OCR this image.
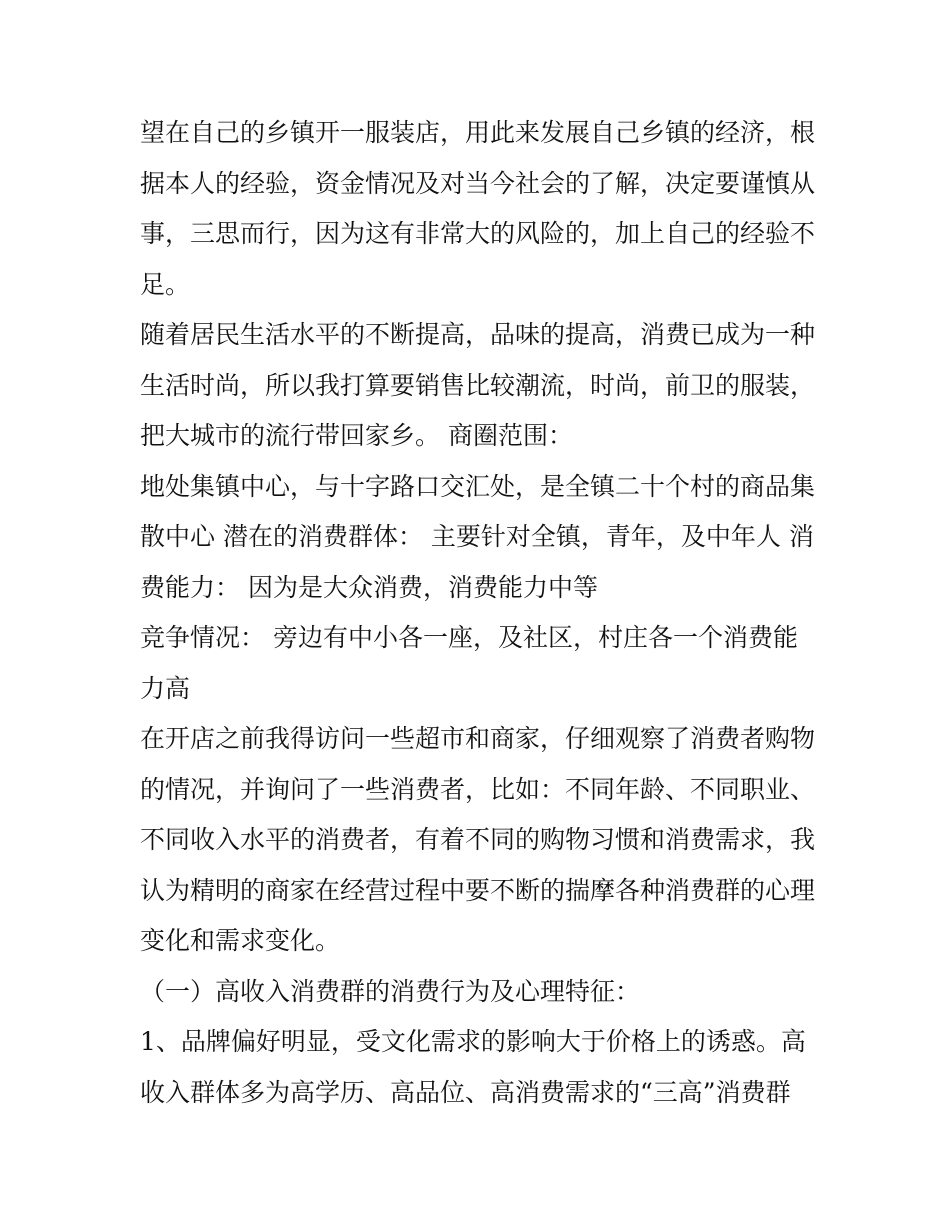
望在自己的乡镇开一服装店，用此来发展自己乡镇的经济，根
据本人的经验，资金情况及对当今社会的了解，决定要谨慎从
事，三思而行，因为这有非常大的风险的，加上自己的经验不
足。
随着居民生活水平的不断提高，品味的提高，消费已成为一种
生活时尚，所以我打算要销售比较潮流，时尚，前卫的服装，
把大城市的流行带回家乡。 商圈范围：
地处集镇中心，与十字路口交汇处，是全镇二十个村的商品集
散中心 潜在的消费群体： 主要针对全镇，青年，及中年人 消
费能力： 因为是大众消费，消费能力中等
竞争情况： 旁边有中小各一座，及社区，村庄各一个消费能
力高
在开店之前我得访问一些超市和商家，仔细观察了消费者购物
的情况，并询问了一些消费者，比如：不同年龄、不同职业、
不同收入水平的消费者，有着不同的购物习惯和消费需求，我
认为精明的商家在经营过程中要不断的揣摩各种消费群的心理
变化和需求变化。
（一）高收入消费群的消费行为及心理特征：
1、品牌偏好明显，受文化需求的影响大于价格上的诱惑。高
收入群体多为高学历、高品位、高消费需求的“三高”消费群
